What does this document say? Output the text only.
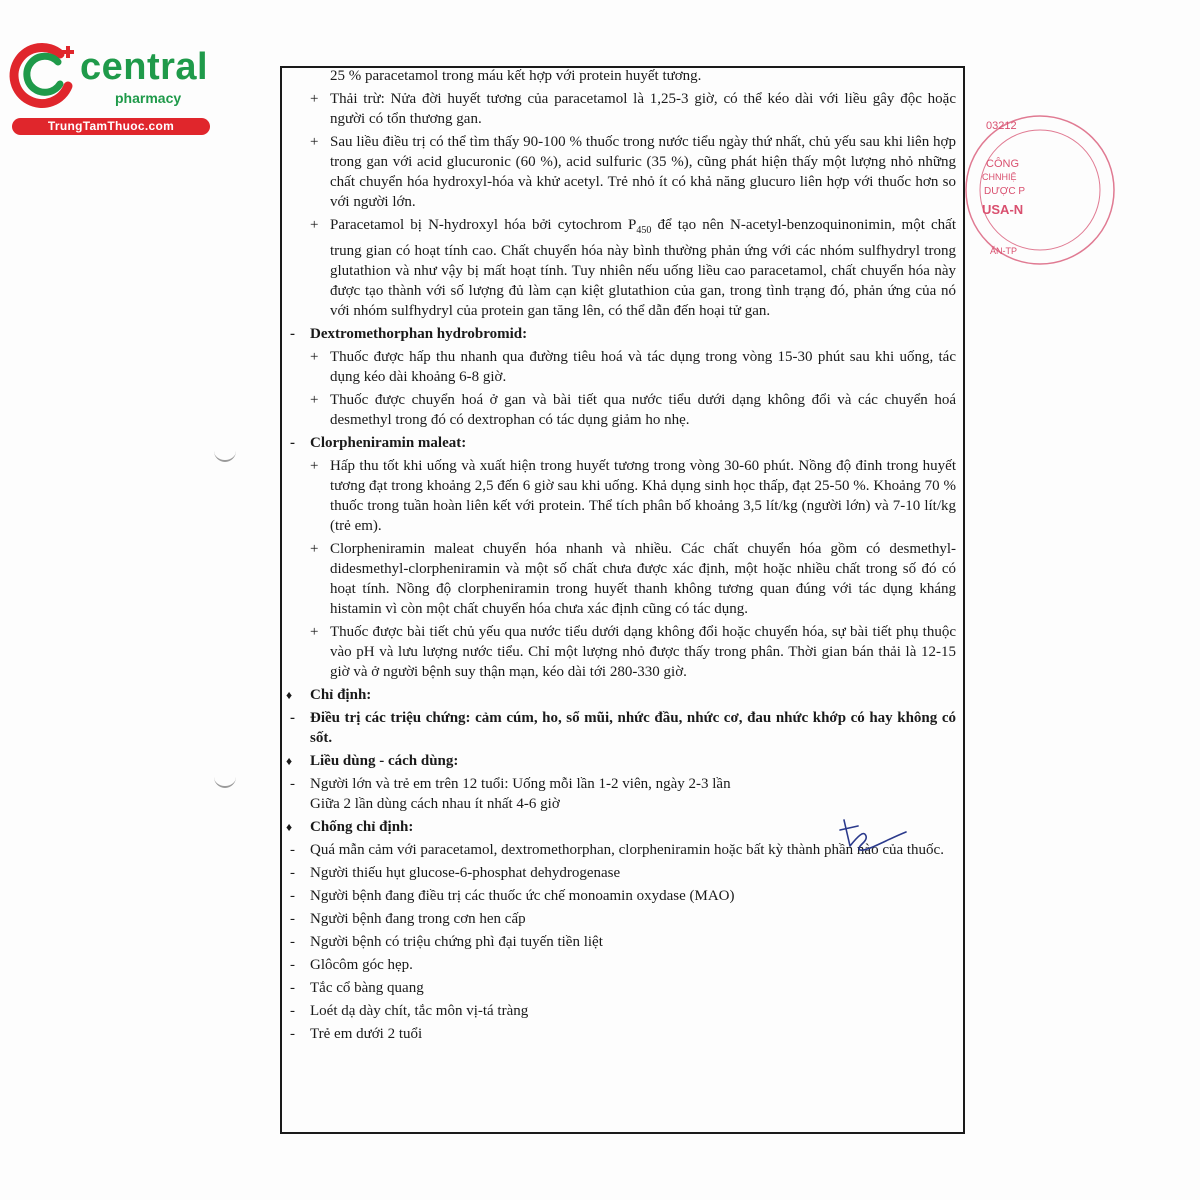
central
pharmacy
TrungTamThuoc.com	03212
CÔNG
CHNHIỆ
DƯỢC P
USA-N
ẤN-TP
25 % paracetamol trong máu kết hợp với protein huyết tương.
+ Thải trừ: Nửa đời huyết tương của paracetamol là 1,25-3 giờ, có thể kéo dài với liều gây độc hoặc người có tổn thương gan.
+ Sau liều điều trị có thể tìm thấy 90-100 % thuốc trong nước tiểu ngày thứ nhất, chủ yếu sau khi liên hợp trong gan với acid glucuronic (60 %), acid sulfuric (35 %), cũng phát hiện thấy một lượng nhỏ những chất chuyển hóa hydroxyl-hóa và khử acetyl. Trẻ nhỏ ít có khả năng glucuro liên hợp với thuốc hơn so với người lớn.
+ Paracetamol bị N-hydroxyl hóa bởi cytochrom $P_{450}$ để tạo nên N-acetyl-benzoquinonimin, một chất trung gian có hoạt tính cao. Chất chuyển hóa này bình thường phản ứng với các nhóm sulfhydryl trong glutathion và như vậy bị mất hoạt tính. Tuy nhiên nếu uống liều cao paracetamol, chất chuyển hóa này được tạo thành với số lượng đủ làm cạn kiệt glutathion của gan, trong tình trạng đó, phản ứng của nó với nhóm sulfhydryl của protein gan tăng lên, có thể dẫn đến hoại tử gan.
- Dextromethorphan hydrobromid:
+ Thuốc được hấp thu nhanh qua đường tiêu hoá và tác dụng trong vòng 15-30 phút sau khi uống, tác dụng kéo dài khoảng 6-8 giờ.
+ Thuốc được chuyển hoá ở gan và bài tiết qua nước tiểu dưới dạng không đổi và các chuyển hoá desmethyl trong đó có dextrophan có tác dụng giảm ho nhẹ.
- Clorpheniramin maleat:
+ Hấp thu tốt khi uống và xuất hiện trong huyết tương trong vòng 30-60 phút. Nồng độ đỉnh trong huyết tương đạt trong khoảng 2,5 đến 6 giờ sau khi uống. Khả dụng sinh học thấp, đạt 25-50 %. Khoảng 70 % thuốc trong tuần hoàn liên kết với protein. Thể tích phân bố khoảng 3,5 lít/kg (người lớn) và 7-10 lít/kg (trẻ em).
+ Clorpheniramin maleat chuyển hóa nhanh và nhiều. Các chất chuyển hóa gồm có desmethyl-didesmethyl-clorpheniramin và một số chất chưa được xác định, một hoặc nhiều chất trong số đó có hoạt tính. Nồng độ clorpheniramin trong huyết thanh không tương quan đúng với tác dụng kháng histamin vì còn một chất chuyển hóa chưa xác định cũng có tác dụng.
+ Thuốc được bài tiết chủ yếu qua nước tiểu dưới dạng không đổi hoặc chuyển hóa, sự bài tiết phụ thuộc vào pH và lưu lượng nước tiểu. Chỉ một lượng nhỏ được thấy trong phân. Thời gian bán thải là 12-15 giờ và ở người bệnh suy thận mạn, kéo dài tới 280-330 giờ.
♦ Chỉ định:
- Điều trị các triệu chứng: cảm cúm, ho, sổ mũi, nhức đầu, nhức cơ, đau nhức khớp có hay không có sốt.
♦ Liều dùng - cách dùng:
- Người lớn và trẻ em trên 12 tuổi: Uống mỗi lần 1-2 viên, ngày 2-3 lần
Giữa 2 lần dùng cách nhau ít nhất 4-6 giờ
♦ Chống chỉ định:
- Quá mẫn cảm với paracetamol, dextromethorphan, clorpheniramin hoặc bất kỳ thành phần nào của thuốc.
- Người thiếu hụt glucose-6-phosphat dehydrogenase
- Người bệnh đang điều trị các thuốc ức chế monoamin oxydase (MAO)
- Người bệnh đang trong cơn hen cấp
- Người bệnh có triệu chứng phì đại tuyến tiền liệt
- Glôcôm góc hẹp.
- Tắc cổ bàng quang
- Loét dạ dày chít, tắc môn vị-tá tràng
- Trẻ em dưới 2 tuổi
